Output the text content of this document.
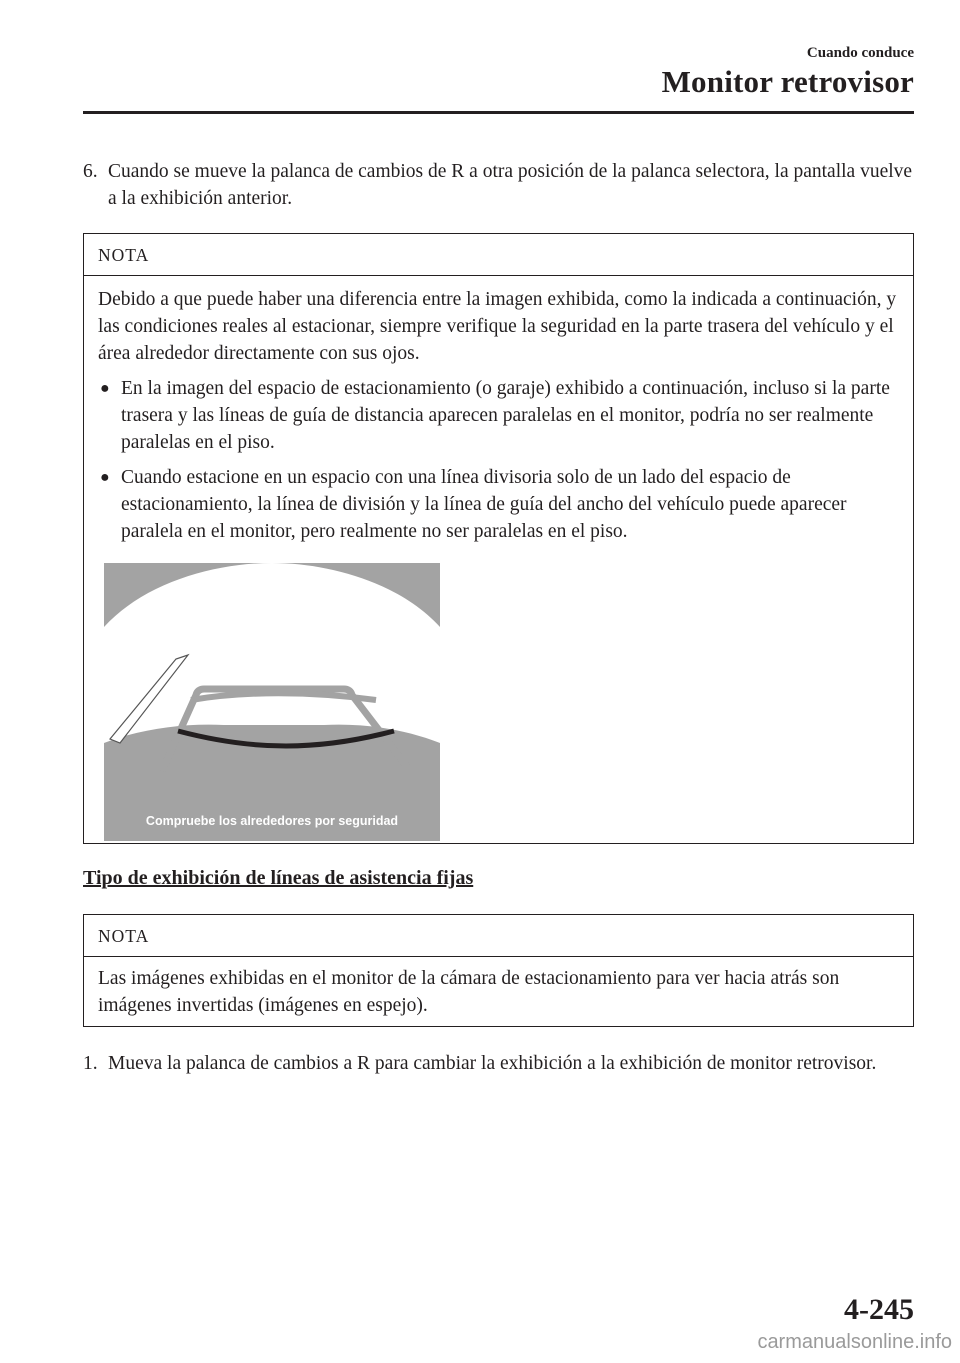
Cuando conduce
Monitor retrovisor
6. Cuando se mueve la palanca de cambios de R a otra posición de la palanca selectora, la pantalla vuelve a la exhibición anterior.
NOTA
Debido a que puede haber una diferencia entre la imagen exhibida, como la indicada a continuación, y las condiciones reales al estacionar, siempre verifique la seguridad en la parte trasera del vehículo y el área alrededor directamente con sus ojos.
● En la imagen del espacio de estacionamiento (o garaje) exhibido a continuación, incluso si la parte trasera y las líneas de guía de distancia aparecen paralelas en el monitor, podría no ser realmente paralelas en el piso.
● Cuando estacione en un espacio con una línea divisoria solo de un lado del espacio de estacionamiento, la línea de división y la línea de guía del ancho del vehículo puede aparecer paralela en el monitor, pero realmente no ser paralelas en el piso.
Compruebe los alrededores por seguridad
Tipo de exhibición de líneas de asistencia fijas
NOTA
Las imágenes exhibidas en el monitor de la cámara de estacionamiento para ver hacia atrás son imágenes invertidas (imágenes en espejo).
1. Mueva la palanca de cambios a R para cambiar la exhibición a la exhibición de monitor retrovisor.
4-245
carmanualsonline.info
